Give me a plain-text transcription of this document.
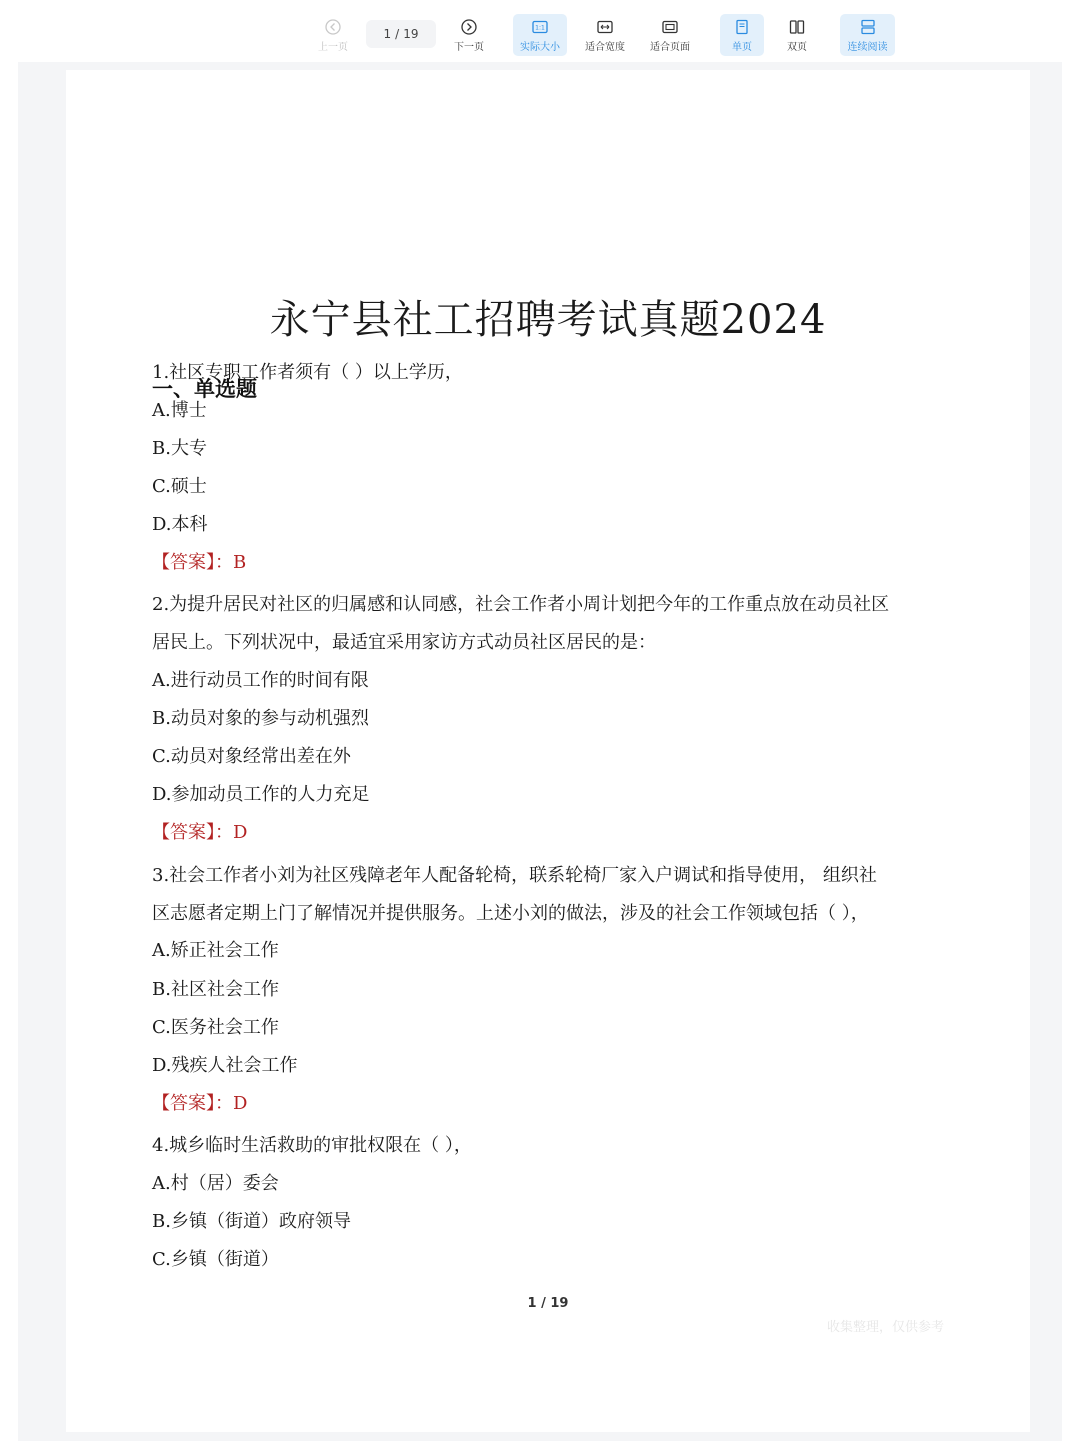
上一页
1 / 19
下一页
1:1
实际大小	适合宽度	适合页面	单页	双页	连续阅读
永宁县社工招聘考试真题2024
一、单选题
1.社区专职工作者须有（ ）以上学历，
A.博士
B.大专
C.硕士
D.本科
【答案】：B
2.为提升居民对社区的归属感和认同感，社会工作者小周计划把今年的工作重点放在动员社区
居民上。下列状况中，最适宜采用家访方式动员社区居民的是：
A.进行动员工作的时间有限
B.动员对象的参与动机强烈
C.动员对象经常出差在外
D.参加动员工作的人力充足
【答案】：D
3.社会工作者小刘为社区残障老年人配备轮椅，联系轮椅厂家入户调试和指导使用， 组织社
区志愿者定期上门了解情况并提供服务。上述小刘的做法，涉及的社会工作领域包括（ ），
A.矫正社会工作
B.社区社会工作
C.医务社会工作
D.残疾人社会工作
【答案】：D
4.城乡临时生活救助的审批权限在（ ），
A.村（居）委会
B.乡镇（街道）政府领导
C.乡镇（街道）
1 / 19
收集整理，仅供参考
